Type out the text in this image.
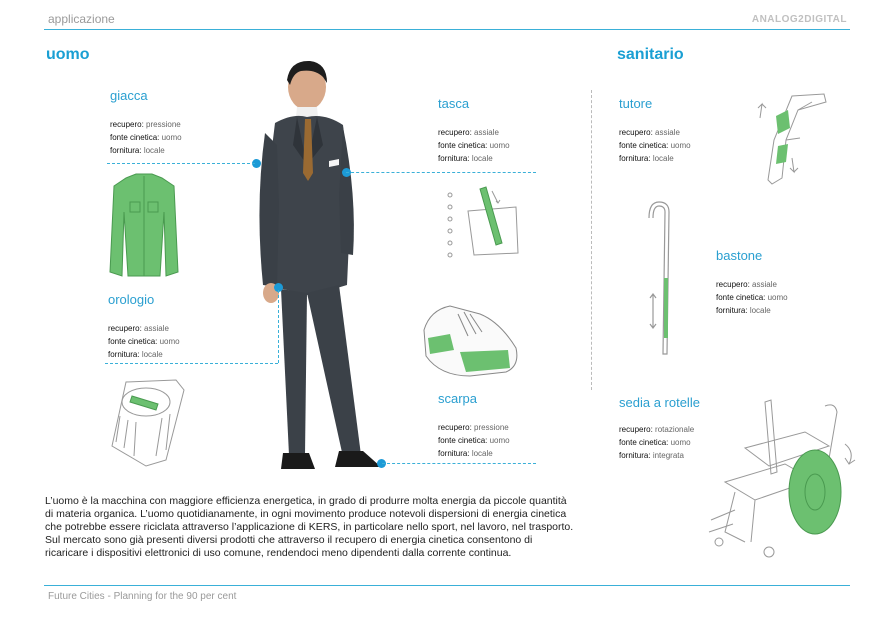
applicazione	ANALOG2DIGITAL
uomo	sanitario
giacca
recupero: pressione
fonte cinetica: uomo
fornitura: locale
tasca
recupero: assiale
fonte cinetica: uomo
fornitura: locale
orologio
recupero: assiale
fonte cinetica: uomo
fornitura: locale
scarpa
recupero: pressione
fonte cinetica: uomo
fornitura: locale
tutore
recupero: assiale
fonte cinetica: uomo
fornitura: locale
bastone
recupero: assiale
fonte cinetica: uomo
fornitura: locale
sedia a rotelle
recupero: rotazionale
fonte cinetica: uomo
fornitura: integrata
L’uomo è la macchina con maggiore efficienza energetica, in grado di produrre molta energia da piccole quantità di materia organica. L’uomo quotidianamente, in ogni movimento produce notevoli dispersioni di energia cinetica che potrebbe essere riciclata attraverso l’applicazione di KERS, in particolare nello sport, nel lavoro, nel trasporto. Sul mercato sono già presenti diversi prodotti che attraverso il recupero di energia cinetica consentono di ricaricare i dispositivi elettronici di uso comune, rendendoci meno dipendenti dalla corrente continua.
Future Cities - Planning for the 90 per cent
